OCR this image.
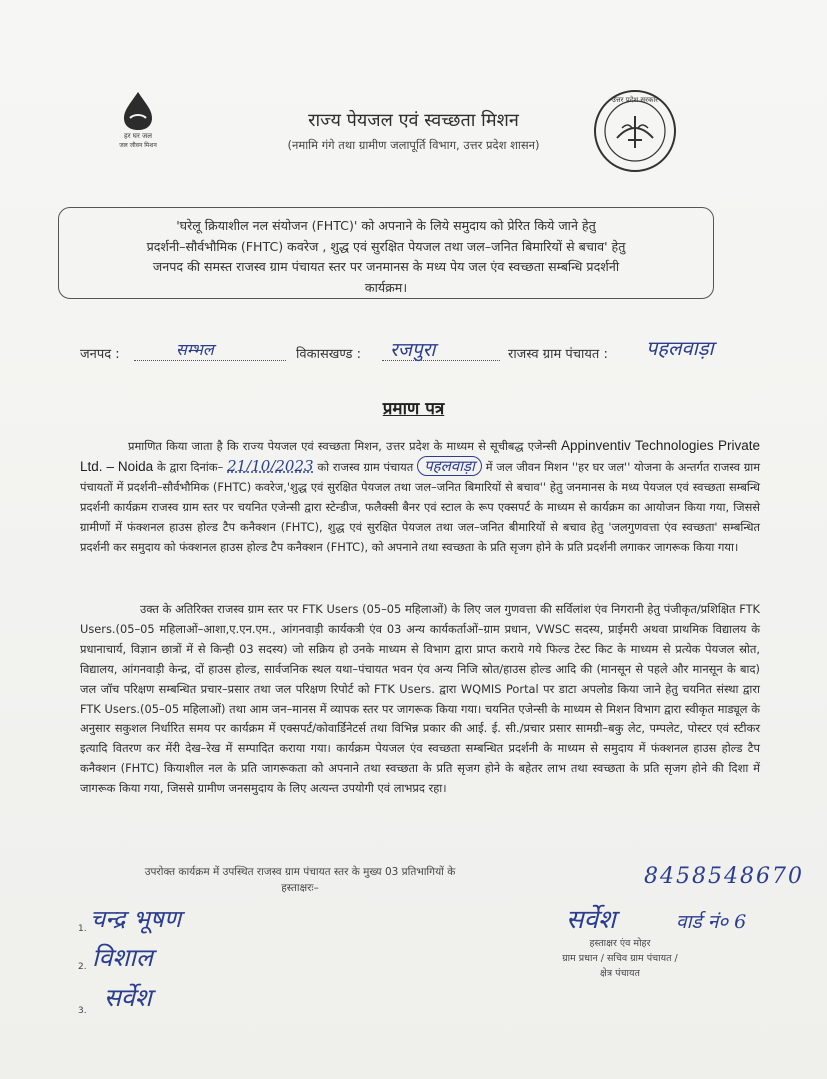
हर घर जल
जल जीवन मिशन
राज्य पेयजल एवं स्वच्छता मिशन
(नमामि गंगे तथा ग्रामीण जलापूर्ति विभाग, उत्तर प्रदेश शासन)
उत्तर प्रदेश सरकार
'घरेलू क्रियाशील नल संयोजन (FHTC)' को अपनाने के लिये समुदाय को प्रेरित किये जाने हेतु
प्रदर्शनी–सौर्वभौमिक (FHTC) कवरेज , शुद्ध एवं सुरक्षित पेयजल तथा जल–जनित बिमारियों से बचाव' हेतु
जनपद की समस्त राजस्व ग्राम पंचायत स्तर पर जनमानस के मध्य पेय जल एंव स्वच्छता सम्बन्धि प्रदर्शनी
कार्यक्रम।
जनपद :	सम्भल	विकासखण्ड : रजपुरा	राजस्व ग्राम पंचायत : पहलवाड़ा
प्रमाण पत्र
प्रमाणित किया जाता है कि राज्य पेयजल एवं स्वच्छता मिशन, उत्तर प्रदेश के माध्यम से सूचीबद्ध एजेन्सी Appinventiv Technologies Private Ltd. – Noida के द्वारा दिनांक– 21/10/2023 को राजस्व ग्राम पंचायत पहलवाड़ा में जल जीवन मिशन ''हर घर जल'' योजना के अन्तर्गत राजस्व ग्राम पंचायतों में प्रदर्शनी–सौर्वभौमिक (FHTC) कवरेज,'शुद्ध एवं सुरक्षित पेयजल तथा जल–जनित बिमारियों से बचाव'' हेतु जनमानस के मध्य पेयजल एवं स्वच्छता सम्बन्धि प्रदर्शनी कार्यक्रम राजस्व ग्राम स्तर पर चयनित एजेन्सी द्वारा स्टेन्डीज, फलैक्सी बैनर एवं स्टाल के रूप एक्सपर्ट के माध्यम से कार्यक्रम का आयोजन किया गया, जिससे ग्रामीणों में फंक्शनल हाउस होल्ड टैप कनैक्शन (FHTC), शुद्ध एवं सुरक्षित पेयजल तथा जल–जनित बीमारियों से बचाव हेतु 'जलगुणवत्ता एंव स्वच्छता' सम्बन्धित प्रदर्शनी कर समुदाय को फंक्शनल हाउस होल्ड टैप कनैक्शन (FHTC), को अपनाने तथा स्वच्छता के प्रति सृजग होने के प्रति प्रदर्शनी लगाकर जागरूक किया गया।
उक्त के अतिरिक्त राजस्व ग्राम स्तर पर FTK Users (05–05 महिलाओं) के लिए जल गुणवत्ता की सर्विलांश एंव निगरानी हेतु पंजीकृत/प्रशिक्षित FTK Users.(05–05 महिलाओं–आशा,ए.एन.एम., आंगनवाड़ी कार्यकत्री एंव 03 अन्य कार्यकर्ताओं–ग्राम प्रधान, VWSC सदस्य, प्राईमरी अथवा प्राथमिक विद्यालय के प्रधानाचार्य, विज्ञान छात्रों में से किन्ही 03 सदस्य) जो सक्रिय हो उनके माध्यम से विभाग द्वारा प्राप्त कराये गये फिल्ड टेस्ट किट के माध्यम से प्रत्येक पेयजल स्रोत, विद्यालय, आंगनवाड़ी केन्द्र, दों हाउस होल्ड, सार्वजनिक स्थल यथा–पंचायत भवन एंव अन्य निजि स्रोत/हाउस होल्ड आदि की (मानसून से पहले और मानसून के बाद) जल जॉच परिक्षण सम्बन्धित प्रचार–प्रसार तथा जल परिक्षण रिपोर्ट को FTK Users. द्वारा WQMIS Portal पर डाटा अपलोड किया जाने हेतु चयनित संस्था द्वारा FTK Users.(05–05 महिलाओं) तथा आम जन–मानस में व्यापक स्तर पर जागरूक किया गया। चयनित एजेन्सी के माध्यम से मिशन विभाग द्वारा स्वीकृत माड्यूल के अनुसार सकुशल निर्धारित समय पर कार्यक्रम में एक्सपर्ट/कोवार्डिनेटर्स तथा विभिन्न प्रकार की आई. ई. सी./प्रचार प्रसार सामग्री–बकु लेट, पम्पलेट, पोस्टर एवं स्टीकर इत्यादि वितरण कर मेंरी देख–रेख में सम्पादित कराया गया। कार्यक्रम पेयजल एंव स्वच्छता सम्बन्धित प्रदर्शनी के माध्यम से समुदाय में फंक्शनल हाउस होल्ड टैप कनैक्शन (FHTC) कियाशील नल के प्रति जागरूकता को अपनाने तथा स्वच्छता के प्रति सृजग होने के बहेतर लाभ तथा स्वच्छता के प्रति सृजग होने की दिशा में जागरूक किया गया, जिससे ग्रामीण जनसमुदाय के लिए अत्यन्त उपयोगी एवं लाभप्रद रहा।
उपरोक्त कार्यक्रम में उपस्थित राजस्व ग्राम पंचायत स्तर के मुख्य 03 प्रतिभागियों के
हस्ताक्षरः–
1. चन्द्र भूषण
2. विशाल
3. सर्वेश
8458548670
सर्वेश	वार्ड नं० 6
हस्ताक्षर एंव मोहर
ग्राम प्रधान / सचिव ग्राम पंचायत /
क्षेत्र पंचायत
